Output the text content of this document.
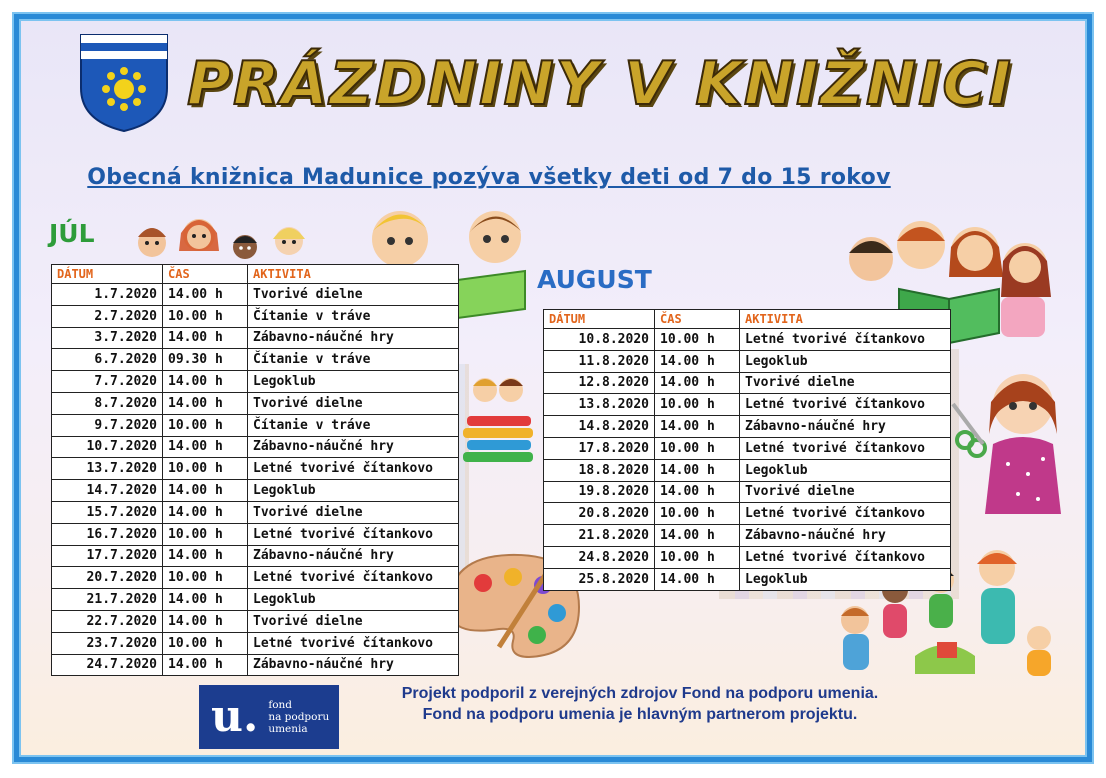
PRÁZDNINY V KNIŽNICI
Obecná knižnica Madunice pozýva všetky deti od 7 do 15 rokov
JÚL
AUGUST
DÁTUM	ČAS	AKTIVITA
1.7.2020	14.00 h	Tvorivé dielne
2.7.2020	10.00 h	Čítanie v tráve
3.7.2020	14.00 h	Zábavno-náučné hry
6.7.2020	09.30 h	Čítanie v tráve
7.7.2020	14.00 h	Legoklub
8.7.2020	14.00 h	Tvorivé dielne
9.7.2020	10.00 h	Čítanie v tráve
10.7.2020	14.00 h	Zábavno-náučné hry
13.7.2020	10.00 h	Letné tvorivé čítankovo
14.7.2020	14.00 h	Legoklub
15.7.2020	14.00 h	Tvorivé dielne
16.7.2020	10.00 h	Letné tvorivé čítankovo
17.7.2020	14.00 h	Zábavno-náučné hry
20.7.2020	10.00 h	Letné tvorivé čítankovo
21.7.2020	14.00 h	Legoklub
22.7.2020	14.00 h	Tvorivé dielne
23.7.2020	10.00 h	Letné tvorivé čítankovo
24.7.2020	14.00 h	Zábavno-náučné hry
DÁTUM	ČAS	AKTIVITA
10.8.2020	10.00 h	Letné tvorivé čítankovo
11.8.2020	14.00 h	Legoklub
12.8.2020	14.00 h	Tvorivé dielne
13.8.2020	10.00 h	Letné tvorivé čítankovo
14.8.2020	14.00 h	Zábavno-náučné hry
17.8.2020	10.00 h	Letné tvorivé čítankovo
18.8.2020	14.00 h	Legoklub
19.8.2020	14.00 h	Tvorivé dielne
20.8.2020	10.00 h	Letné tvorivé čítankovo
21.8.2020	14.00 h	Zábavno-náučné hry
24.8.2020	10.00 h	Letné tvorivé čítankovo
25.8.2020	14.00 h	Legoklub
u. fond
na podporu
umenia
Projekt podporil z verejných zdrojov Fond na podporu umenia.
Fond na podporu umenia je hlavným partnerom projektu.
